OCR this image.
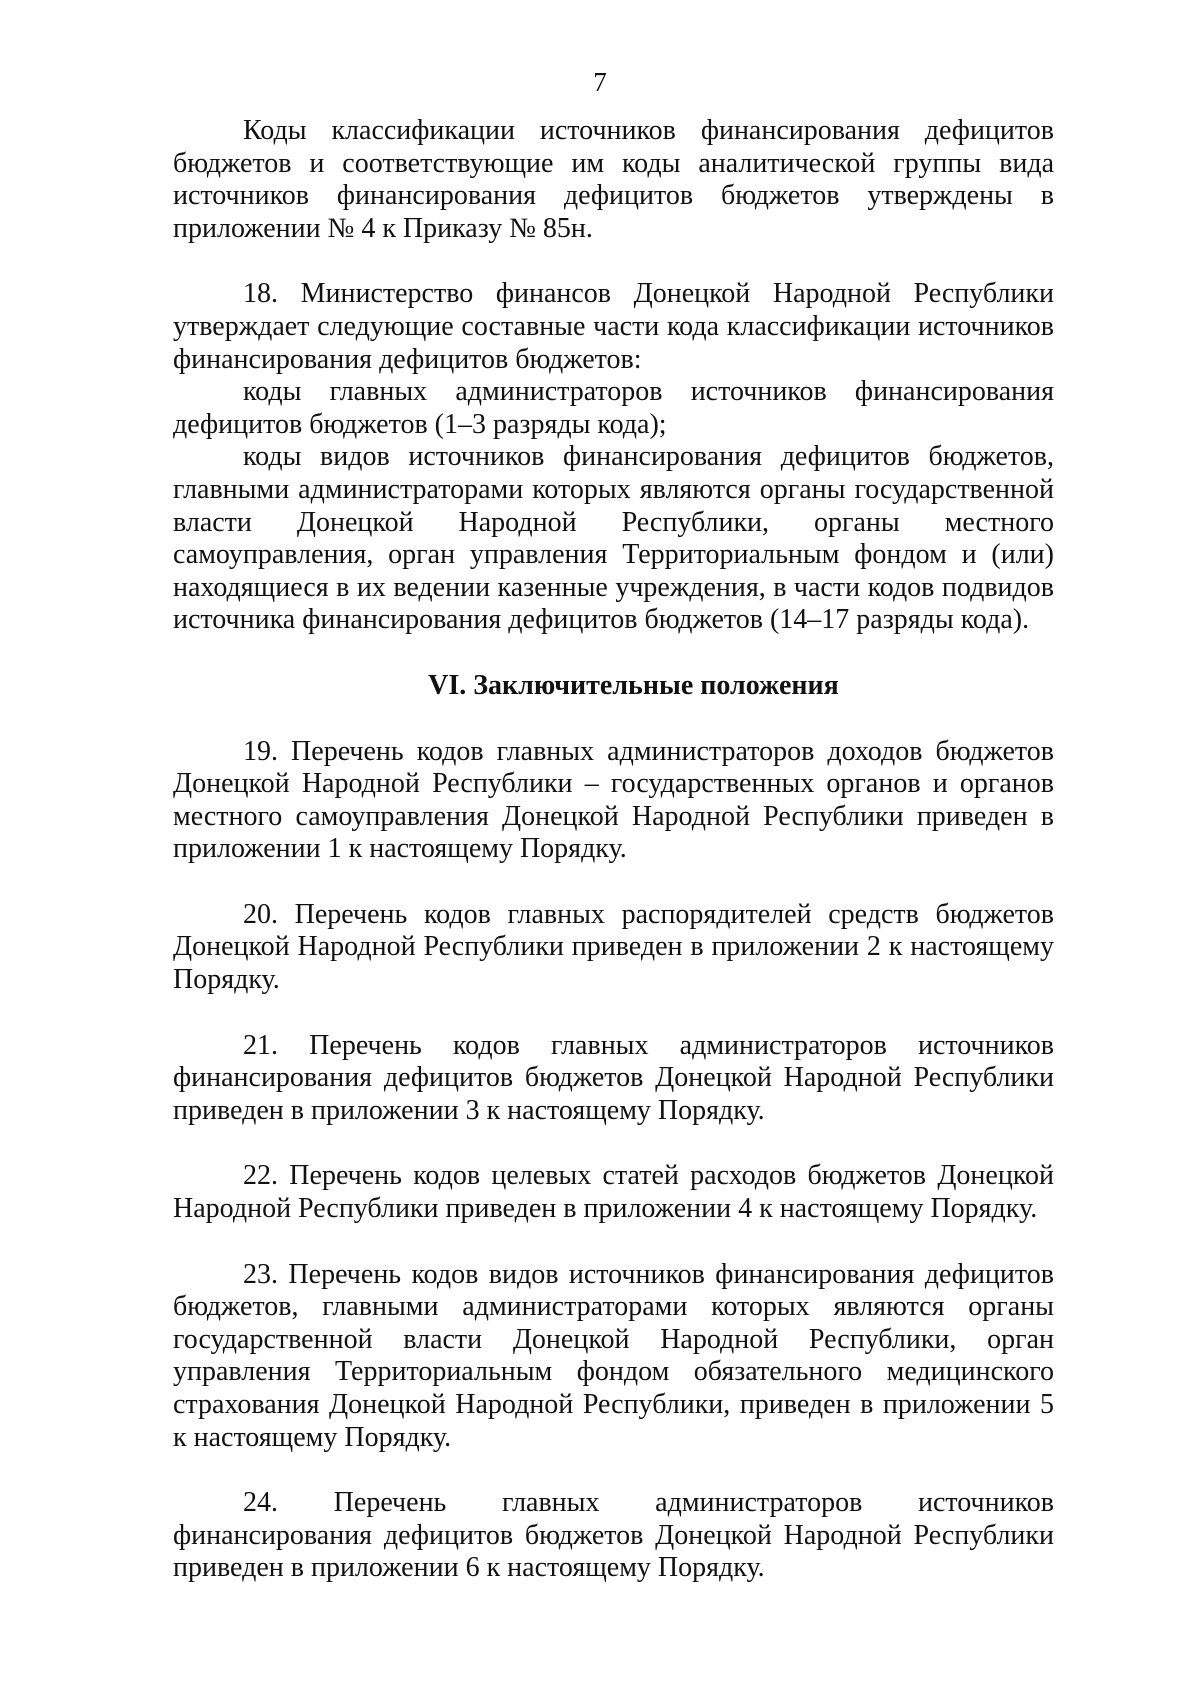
7

Коды классификации источников финансирования дефицитов бюджетов и соответствующие им коды аналитической группы вида источников финансирования дефицитов бюджетов утверждены в приложении № 4 к Приказу № 85н.

18. Министерство финансов Донецкой Народной Республики утверждает следующие составные части кода классификации источников финансирования дефицитов бюджетов:

коды главных администраторов источников финансирования дефицитов бюджетов (1–3 разряды кода);

коды видов источников финансирования дефицитов бюджетов, главными администраторами которых являются органы государственной власти Донецкой Народной Республики, органы местного самоуправления, орган управления Территориальным фондом и (или) находящиеся в их ведении казенные учреждения, в части кодов подвидов источника финансирования дефицитов бюджетов (14–17 разряды кода).

VI. Заключительные положения

19. Перечень кодов главных администраторов доходов бюджетов Донецкой Народной Республики – государственных органов и органов местного самоуправления Донецкой Народной Республики приведен в приложении 1 к настоящему Порядку.

20. Перечень кодов главных распорядителей средств бюджетов Донецкой Народной Республики приведен в приложении 2 к настоящему Порядку.

21. Перечень кодов главных администраторов источников финансирования дефицитов бюджетов Донецкой Народной Республики приведен в приложении 3 к настоящему Порядку.

22. Перечень кодов целевых статей расходов бюджетов Донецкой Народной Республики приведен в приложении 4 к настоящему Порядку.

23. Перечень кодов видов источников финансирования дефицитов бюджетов, главными администраторами которых являются органы государственной власти Донецкой Народной Республики, орган управления Территориальным фондом обязательного медицинского страхования Донецкой Народной Республики, приведен в приложении 5 к настоящему Порядку.

24. Перечень главных администраторов источников финансирования дефицитов бюджетов Донецкой Народной Республики приведен в приложении 6 к настоящему Порядку.
